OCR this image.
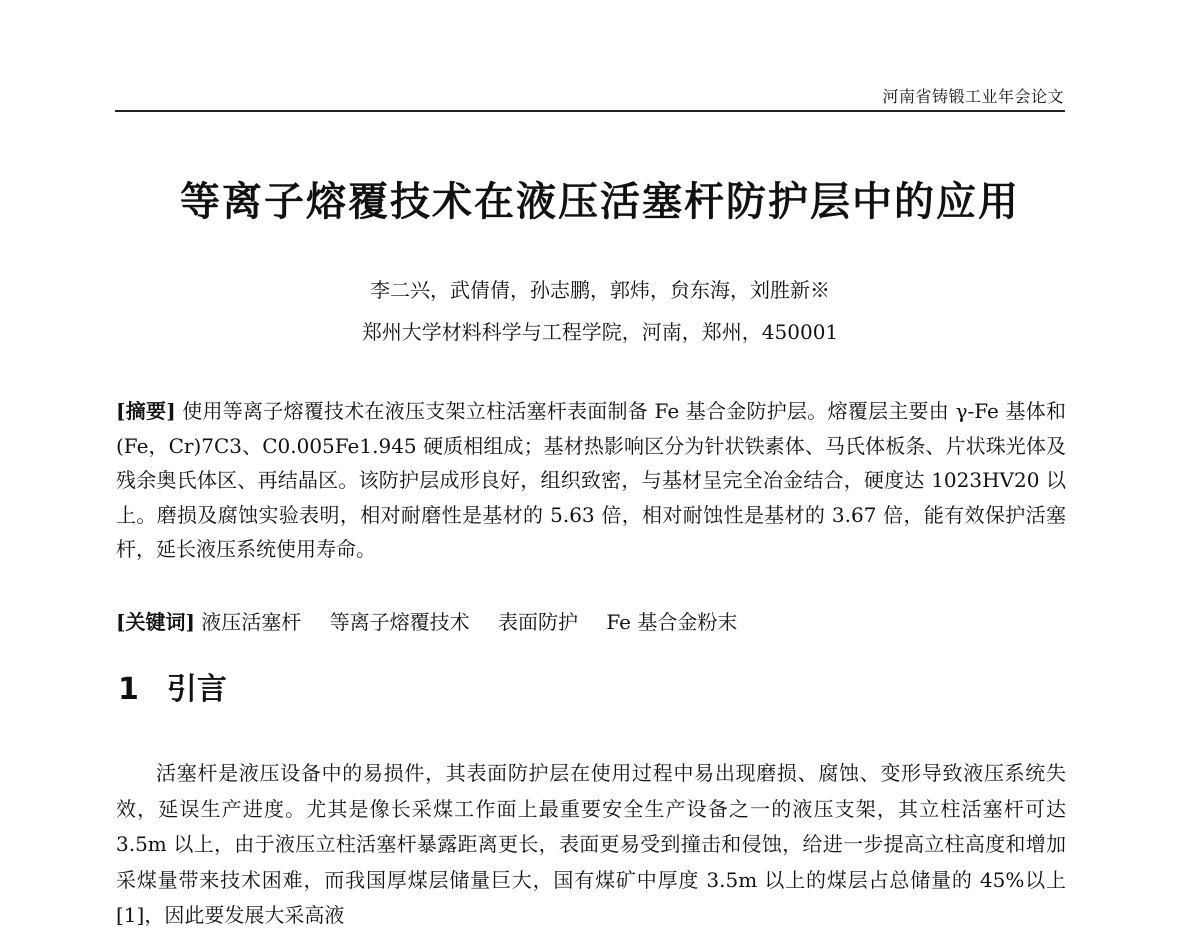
河南省铸锻工业年会论文
等离子熔覆技术在液压活塞杆防护层中的应用
李二兴，武倩倩，孙志鹏，郭炜，贠东海，刘胜新※
郑州大学材料科学与工程学院，河南，郑州，450001
[摘要] 使用等离子熔覆技术在液压支架立柱活塞杆表面制备 Fe 基合金防护层。熔覆层主要由 γ-Fe 基体和 (Fe，Cr)7C3、C0.005Fe1.945 硬质相组成；基材热影响区分为针状铁素体、马氏体板条、片状珠光体及残余奥氏体区、再结晶区。该防护层成形良好，组织致密，与基材呈完全冶金结合，硬度达 1023HV20 以上。磨损及腐蚀实验表明，相对耐磨性是基材的 5.63 倍，相对耐蚀性是基材的 3.67 倍，能有效保护活塞杆，延长液压系统使用寿命。
[关键词] 液压活塞杆 等离子熔覆技术 表面防护 Fe 基合金粉末
1 引言
活塞杆是液压设备中的易损件，其表面防护层在使用过程中易出现磨损、腐蚀、变形导致液压系统失效，延误生产进度。尤其是像长采煤工作面上最重要安全生产设备之一的液压支架，其立柱活塞杆可达 3.5m 以上，由于液压立柱活塞杆暴露距离更长，表面更易受到撞击和侵蚀，给进一步提高立柱高度和增加采煤量带来技术困难，而我国厚煤层储量巨大，国有煤矿中厚度 3.5m 以上的煤层占总储量的 45%以上[1]，因此要发展大采高液
